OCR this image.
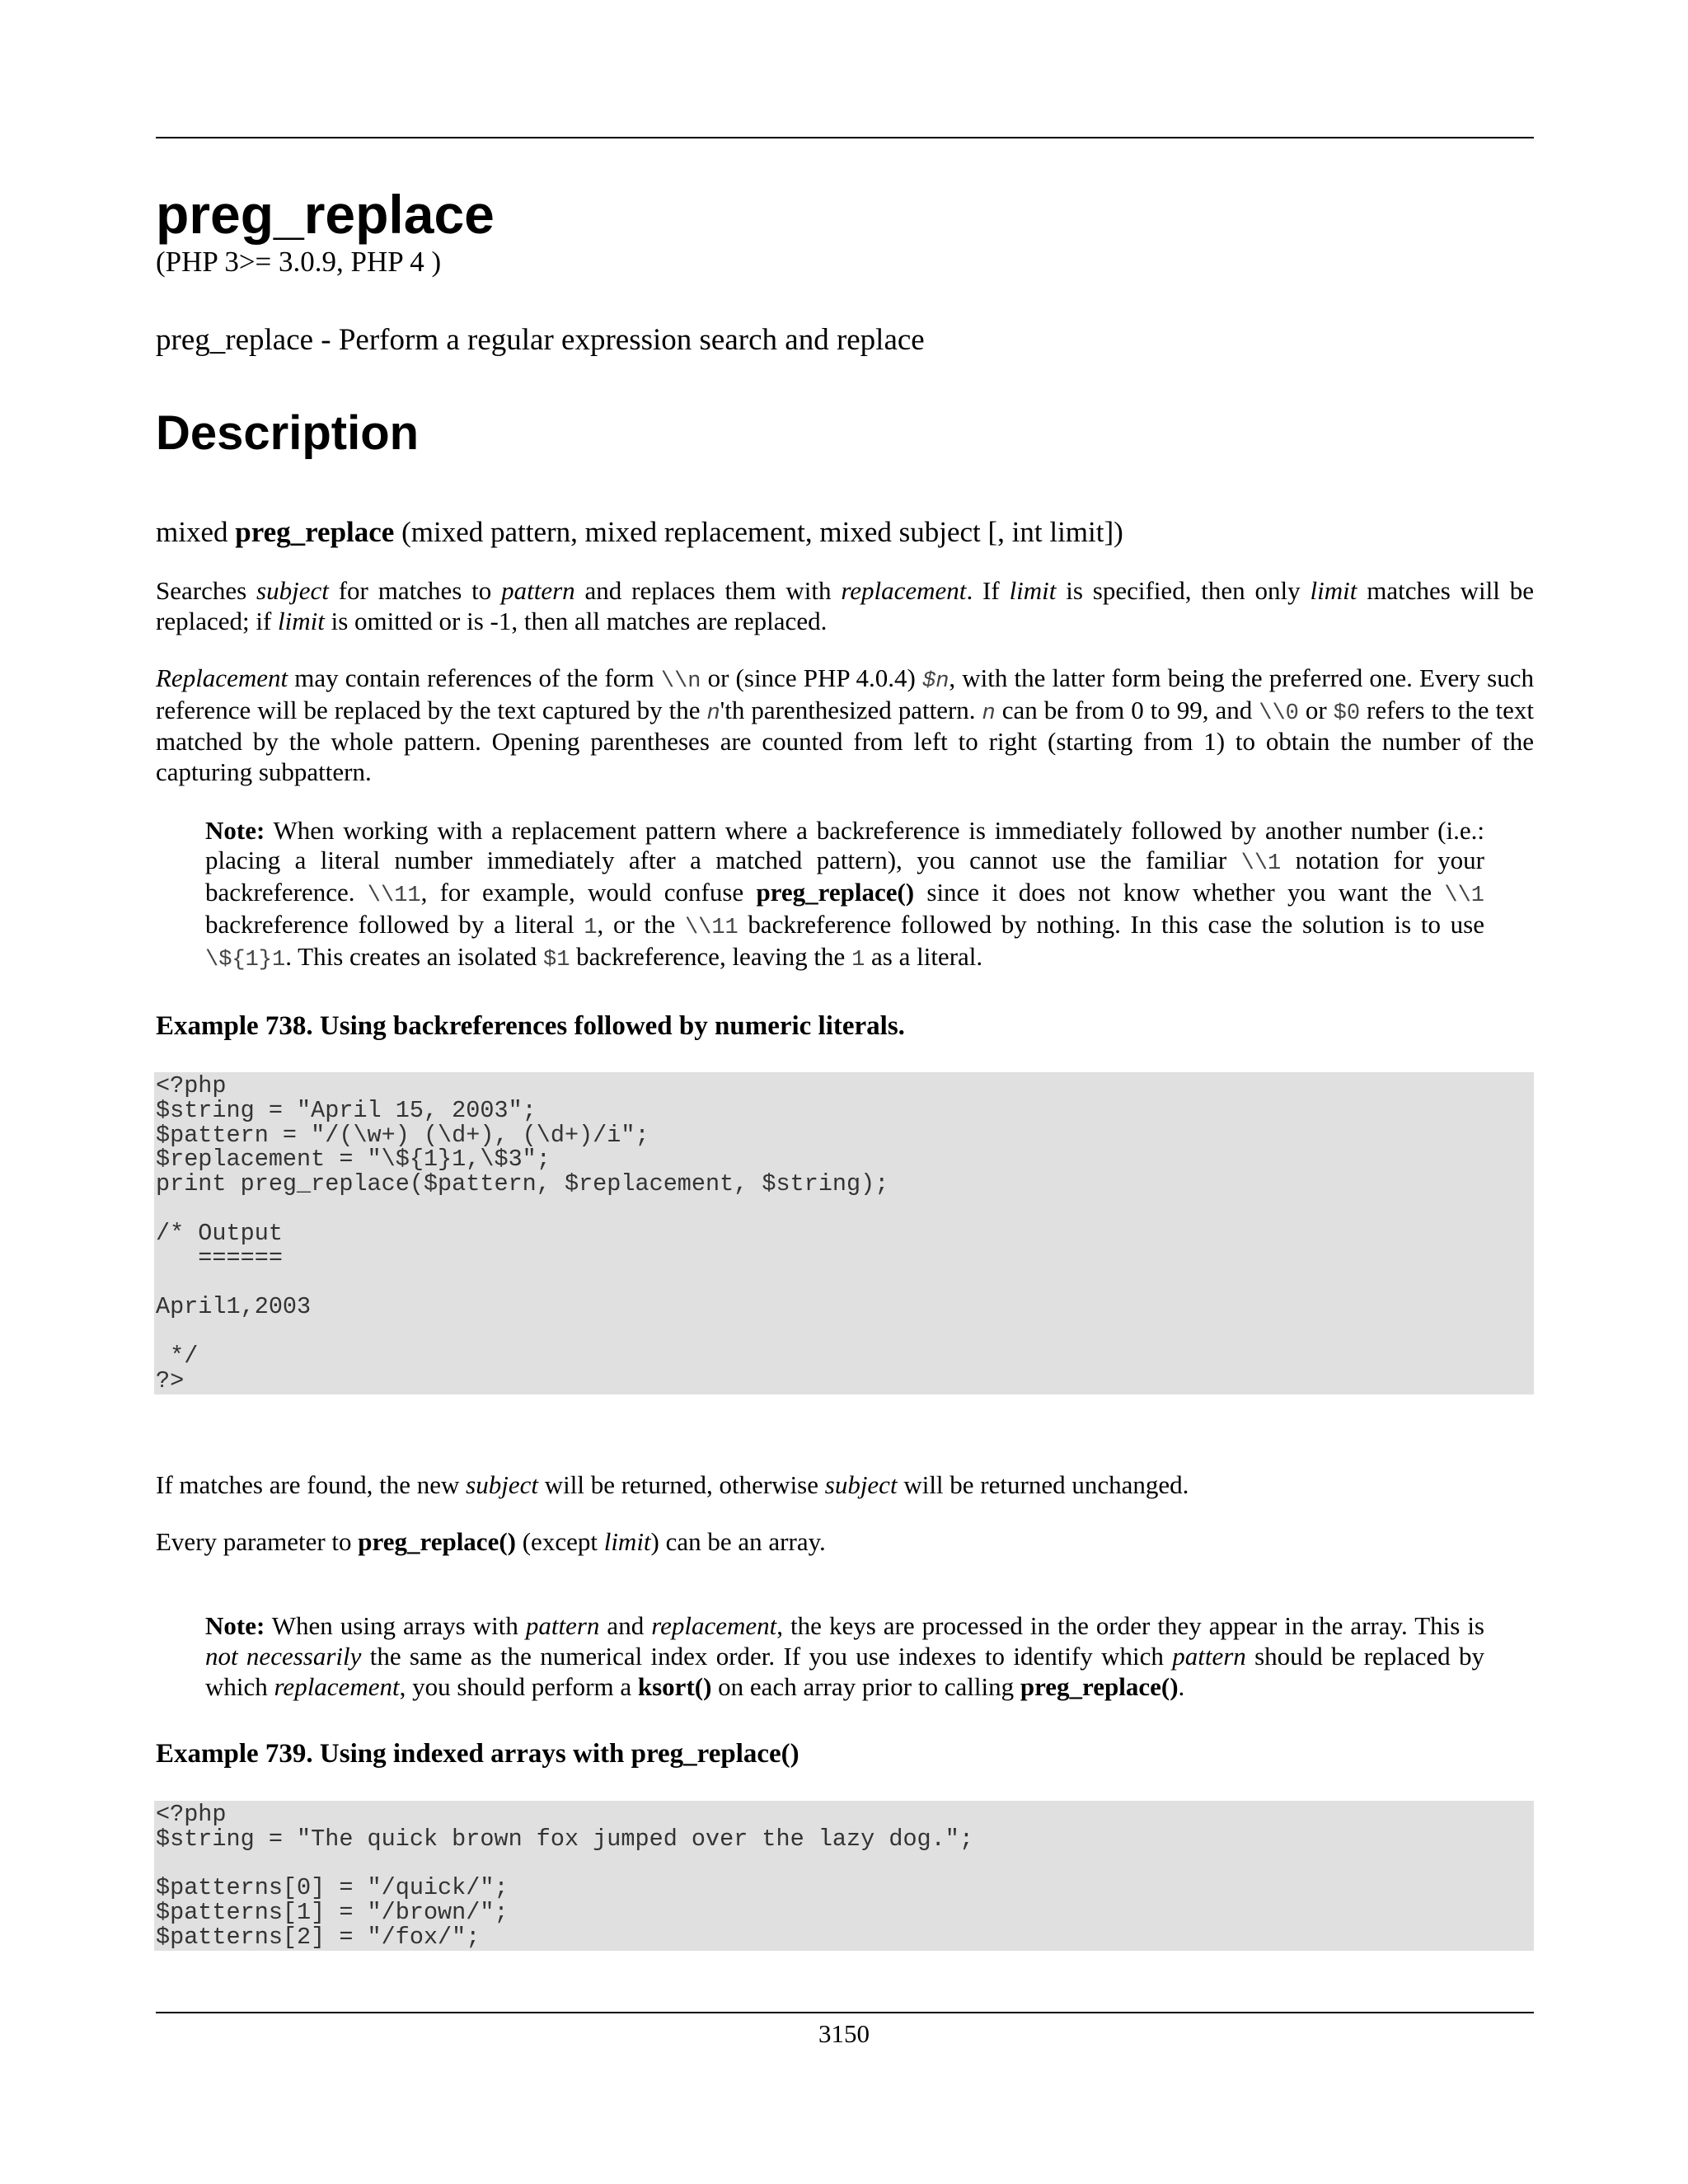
preg_replace
(PHP 3>= 3.0.9, PHP 4 )
preg_replace - Perform a regular expression search and replace
Description
mixed preg_replace (mixed pattern, mixed replacement, mixed subject [, int limit])

Searches subject for matches to pattern and replaces them with replacement. If limit is specified, then only limit matches will be replaced; if limit is omitted or is -1, then all matches are replaced.

Replacement may contain references of the form \\n or (since PHP 4.0.4) $n, with the latter form being the preferred one. Every such reference will be replaced by the text captured by the n'th parenthesized pattern. n can be from 0 to 99, and \\0 or $0 refers to the text matched by the whole pattern. Opening parentheses are counted from left to right (starting from 1) to obtain the number of the capturing subpattern.

Note: When working with a replacement pattern where a backreference is immediately followed by another number (i.e.: placing a literal number immediately after a matched pattern), you cannot use the familiar \\1 notation for your backreference. \\11, for example, would confuse preg_replace() since it does not know whether you want the \\1 backreference followed by a literal 1, or the \\11 backreference followed by nothing. In this case the solution is to use \${1}1. This creates an isolated $1 backreference, leaving the 1 as a literal.
Example 738. Using backreferences followed by numeric literals.
<?php
$string = "April 15, 2003";
$pattern = "/(\w+) (\d+), (\d+)/i";
$replacement = "\${1}1,\$3";
print preg_replace($pattern, $replacement, $string);

/* Output
======

April1,2003

*/
?>

If matches are found, the new subject will be returned, otherwise subject will be returned unchanged.

Every parameter to preg_replace() (except limit) can be an array.

Note: When using arrays with pattern and replacement, the keys are processed in the order they appear in the array. This is not necessarily the same as the numerical index order. If you use indexes to identify which pattern should be replaced by which replacement, you should perform a ksort() on each array prior to calling preg_replace().
Example 739. Using indexed arrays with preg_replace()
<?php
$string = "The quick brown fox jumped over the lazy dog.";

$patterns[0] = "/quick/";
$patterns[1] = "/brown/";
$patterns[2] = "/fox/";
3150
